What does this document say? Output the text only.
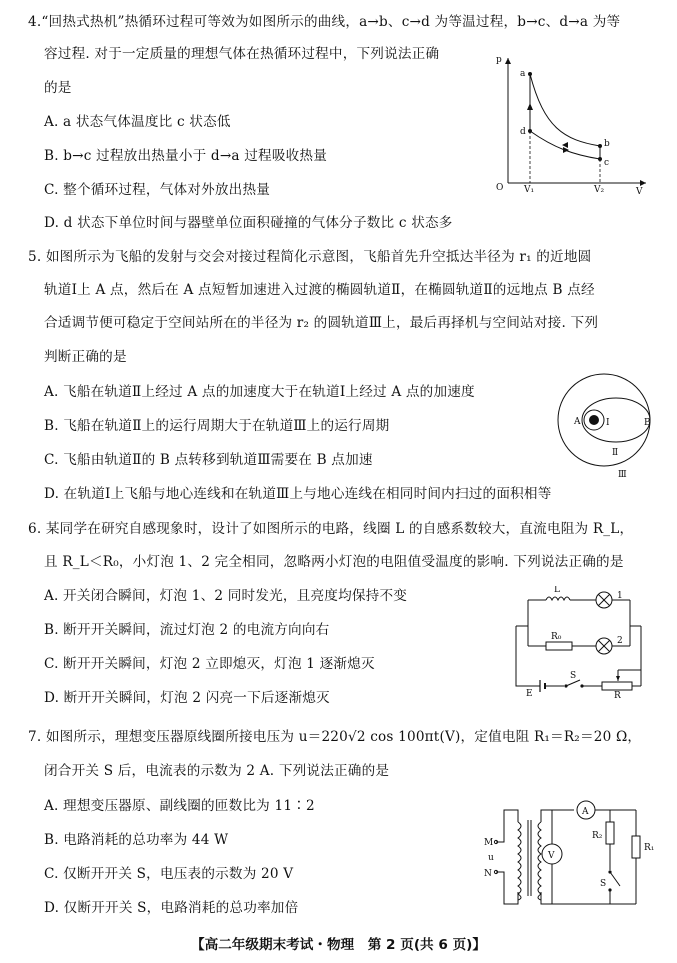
4.“回热式热机”热循环过程可等效为如图所示的曲线，a→b、c→d 为等温过程，b→c、d→a 为等
容过程. 对于一定质量的理想气体在热循环过程中，下列说法正确
的是
A. a 状态气体温度比 c 状态低
B. b→c 过程放出热量小于 d→a 过程吸收热量
C. 整个循环过程，气体对外放出热量
D. d 状态下单位时间与器壁单位面积碰撞的气体分子数比 c 状态多
p
a
d
b
c
O V₁	V₂	V
5. 如图所示为飞船的发射与交会对接过程简化示意图，飞船首先升空抵达半径为 r₁ 的近地圆
轨道Ⅰ上 A 点，然后在 A 点短暂加速进入过渡的椭圆轨道Ⅱ，在椭圆轨道Ⅱ的远地点 B 点经
合适调节便可稳定于空间站所在的半径为 r₂ 的圆轨道Ⅲ上，最后再择机与空间站对接. 下列
判断正确的是
A. 飞船在轨道Ⅱ上经过 A 点的加速度大于在轨道Ⅰ上经过 A 点的加速度
B. 飞船在轨道Ⅱ上的运行周期大于在轨道Ⅲ上的运行周期
C. 飞船由轨道Ⅱ的 B 点转移到轨道Ⅲ需要在 B 点加速
D. 在轨道Ⅰ上飞船与地心连线和在轨道Ⅲ上与地心连线在相同时间内扫过的面积相等
A	B
Ⅰ
Ⅱ
Ⅲ
6. 某同学在研究自感现象时，设计了如图所示的电路，线圈 L 的自感系数较大，直流电阻为 R_L，
且 R_L＜R₀，小灯泡 1、2 完全相同，忽略两小灯泡的电阻值受温度的影响. 下列说法正确的是
A. 开关闭合瞬间，灯泡 1、2 同时发光，且亮度均保持不变
B. 断开开关瞬间，流过灯泡 2 的电流方向向右
C. 断开开关瞬间，灯泡 2 立即熄灭，灯泡 1 逐渐熄灭
D. 断开开关瞬间，灯泡 2 闪亮一下后逐渐熄灭
L
1
R₀	2
S
E	R
7. 如图所示，理想变压器原线圈所接电压为 u＝220√2 cos 100πt(V)，定值电阻 R₁＝R₂＝20 Ω，
闭合开关 S 后，电流表的示数为 2 A. 下列说法正确的是
A. 理想变压器原、副线圈的匝数比为 11∶2
B. 电路消耗的总功率为 44 W
C. 仅断开开关 S，电压表的示数为 20 V
D. 仅断开开关 S，电路消耗的总功率加倍
M
u
N
V
A
R₂
S
R₁
【高二年级期末考试・物理　第 2 页(共 6 页)】
